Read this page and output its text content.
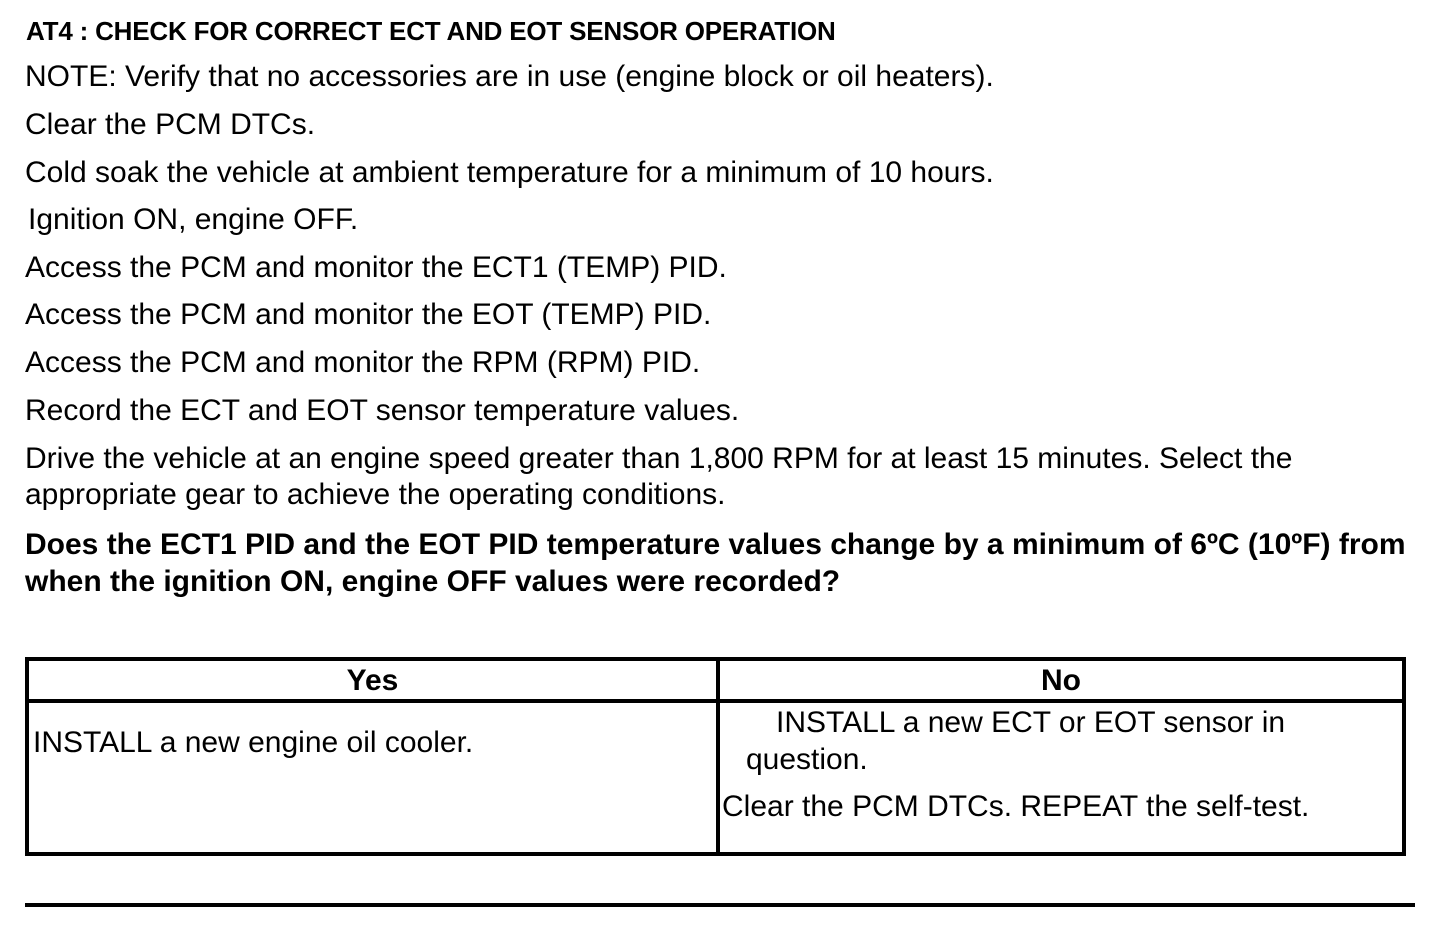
AT4 : CHECK FOR CORRECT ECT AND EOT SENSOR OPERATION
NOTE: Verify that no accessories are in use (engine block or oil heaters).
Clear the PCM DTCs.
Cold soak the vehicle at ambient temperature for a minimum of 10 hours.
Ignition ON, engine OFF.
Access the PCM and monitor the ECT1 (TEMP) PID.
Access the PCM and monitor the EOT (TEMP) PID.
Access the PCM and monitor the RPM (RPM) PID.
Record the ECT and EOT sensor temperature values.
Drive the vehicle at an engine speed greater than 1,800 RPM for at least 15 minutes. Select the appropriate gear to achieve the operating conditions.
Does the ECT1 PID and the EOT PID temperature values change by a minimum of 6ºC (10ºF) from when the ignition ON, engine OFF values were recorded?
Yes	No
INSTALL a new engine oil cooler.
INSTALL a new ECT or EOT sensor in
question.
Clear the PCM DTCs. REPEAT the self-test.
